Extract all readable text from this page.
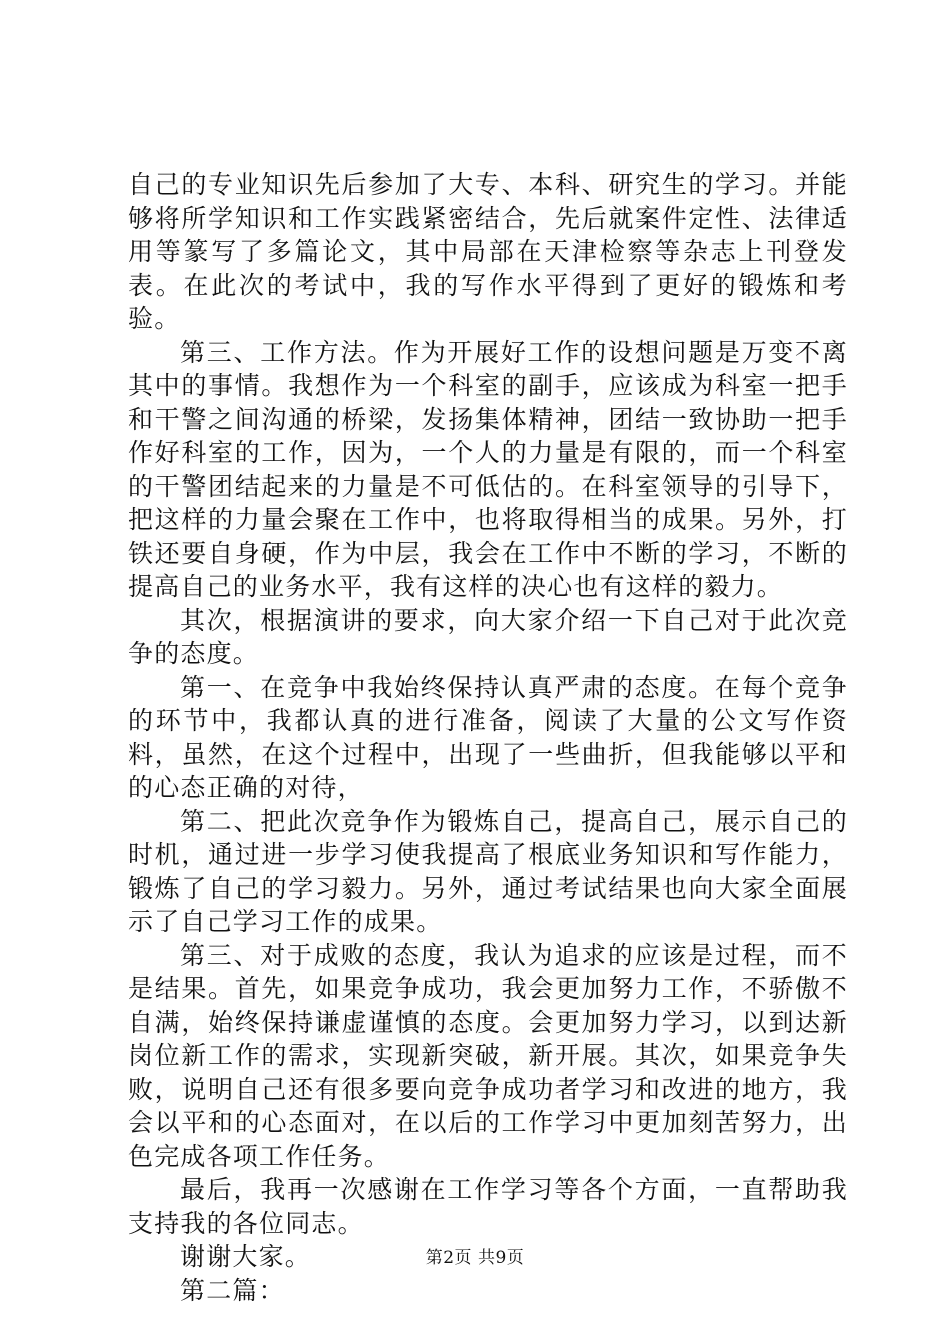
自己的专业知识先后参加了大专、本科、研究生的学习。并能够将所学知识和工作实践紧密结合，先后就案件定性、法律适用等篆写了多篇论文，其中局部在天津检察等杂志上刊登发表。在此次的考试中，我的写作水平得到了更好的锻炼和考验。

第三、工作方法。作为开展好工作的设想问题是万变不离其中的事情。我想作为一个科室的副手，应该成为科室一把手和干警之间沟通的桥梁，发扬集体精神，团结一致协助一把手作好科室的工作，因为，一个人的力量是有限的，而一个科室的干警团结起来的力量是不可低估的。在科室领导的引导下，把这样的力量会聚在工作中，也将取得相当的成果。另外，打铁还要自身硬，作为中层，我会在工作中不断的学习，不断的提高自己的业务水平，我有这样的决心也有这样的毅力。

其次，根据演讲的要求，向大家介绍一下自己对于此次竞争的态度。

第一、在竞争中我始终保持认真严肃的态度。在每个竞争的环节中，我都认真的进行准备，阅读了大量的公文写作资料，虽然，在这个过程中，出现了一些曲折，但我能够以平和的心态正确的对待，

第二、把此次竞争作为锻炼自己，提高自己，展示自己的时机，通过进一步学习使我提高了根底业务知识和写作能力，锻炼了自己的学习毅力。另外，通过考试结果也向大家全面展示了自己学习工作的成果。

第三、对于成败的态度，我认为追求的应该是过程，而不是结果。首先，如果竞争成功，我会更加努力工作，不骄傲不自满，始终保持谦虚谨慎的态度。会更加努力学习，以到达新岗位新工作的需求，实现新突破，新开展。其次，如果竞争失败，说明自己还有很多要向竞争成功者学习和改进的地方，我会以平和的心态面对，在以后的工作学习中更加刻苦努力，出色完成各项工作任务。

最后，我再一次感谢在工作学习等各个方面，一直帮助我支持我的各位同志。

谢谢大家。

第二篇：

第2页 共9页
